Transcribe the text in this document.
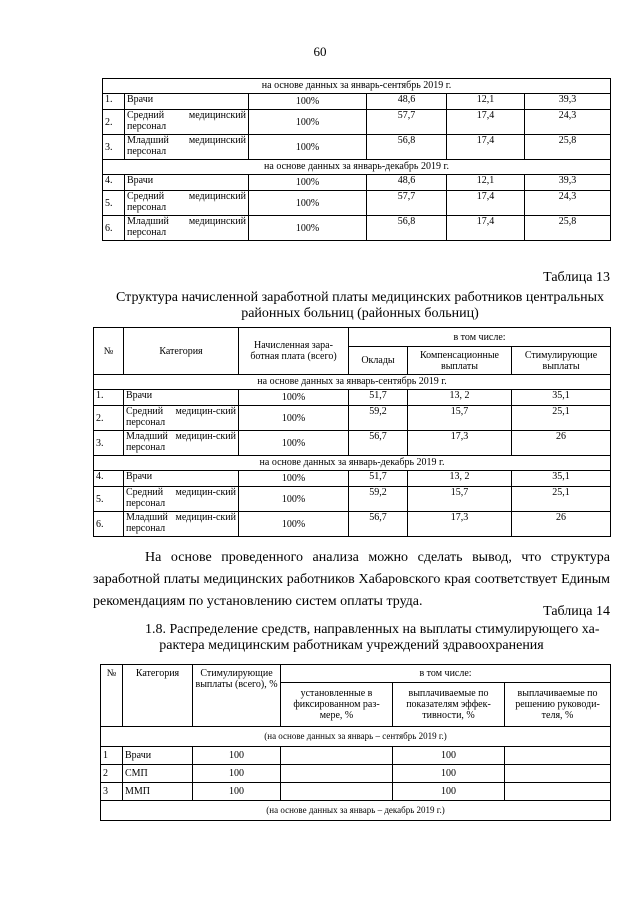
60
на основе данных за январь-сентябрь 2019 г.					
1.	Врачи	100%	48,6	12,1	39,3
2.	Средний медицинский персонал	100%	57,7	17,4	24,3
3.	Младший медицинский персонал	100%	56,8	17,4	25,8
на основе данных за январь-декабрь 2019 г.					
4.	Врачи	100%	48,6	12,1	39,3
5.	Средний медицинский персонал	100%	57,7	17,4	24,3
6.	Младший медицинский персонал	100%	56,8	17,4	25,8
Таблица 13
Структура начисленной заработной платы медицинских работников центральных
районных больниц (районных больниц)
№	Категория	Начисленная зара-ботная плата (всего)	в том числе:		
			Оклады	Компенсационные выплаты	Стимулирующие выплаты
на основе данных за январь-сентябрь 2019 г.					
1.	Врачи	100%	51,7	13, 2	35,1
2.	Средний медицин-ский персонал	100%	59,2	15,7	25,1
3.	Младший медицин-ский персонал	100%	56,7	17,3	26
на основе данных за январь-декабрь 2019 г.					
4.	Врачи	100%	51,7	13, 2	35,1
5.	Средний медицин-ский персонал	100%	59,2	15,7	25,1
6.	Младший медицин-ский персонал	100%	56,7	17,3	26
На основе проведенного анализа можно сделать вывод, что структура заработной платы медицинских работников Хабаровского края соответствует Единым рекомендациям по установлению систем оплаты труда.
Таблица 14
1.8. Распределение средств, направленных на выплаты стимулирующего ха-
рактера медицинским работникам учреждений здравоохранения
№	Категория	Стимулирующие выплаты (всего), %	в том числе:		
			установленные в фиксированном раз-мере, %	выплачиваемые по показателям эффек-тивности, %	выплачиваемые по решению руководи-теля, %
(на основе данных за январь – сентябрь 2019 г.)					
1	Врачи	100		100	
2	СМП	100		100	
3	ММП	100		100	
(на основе данных за январь – декабрь 2019 г.)					
